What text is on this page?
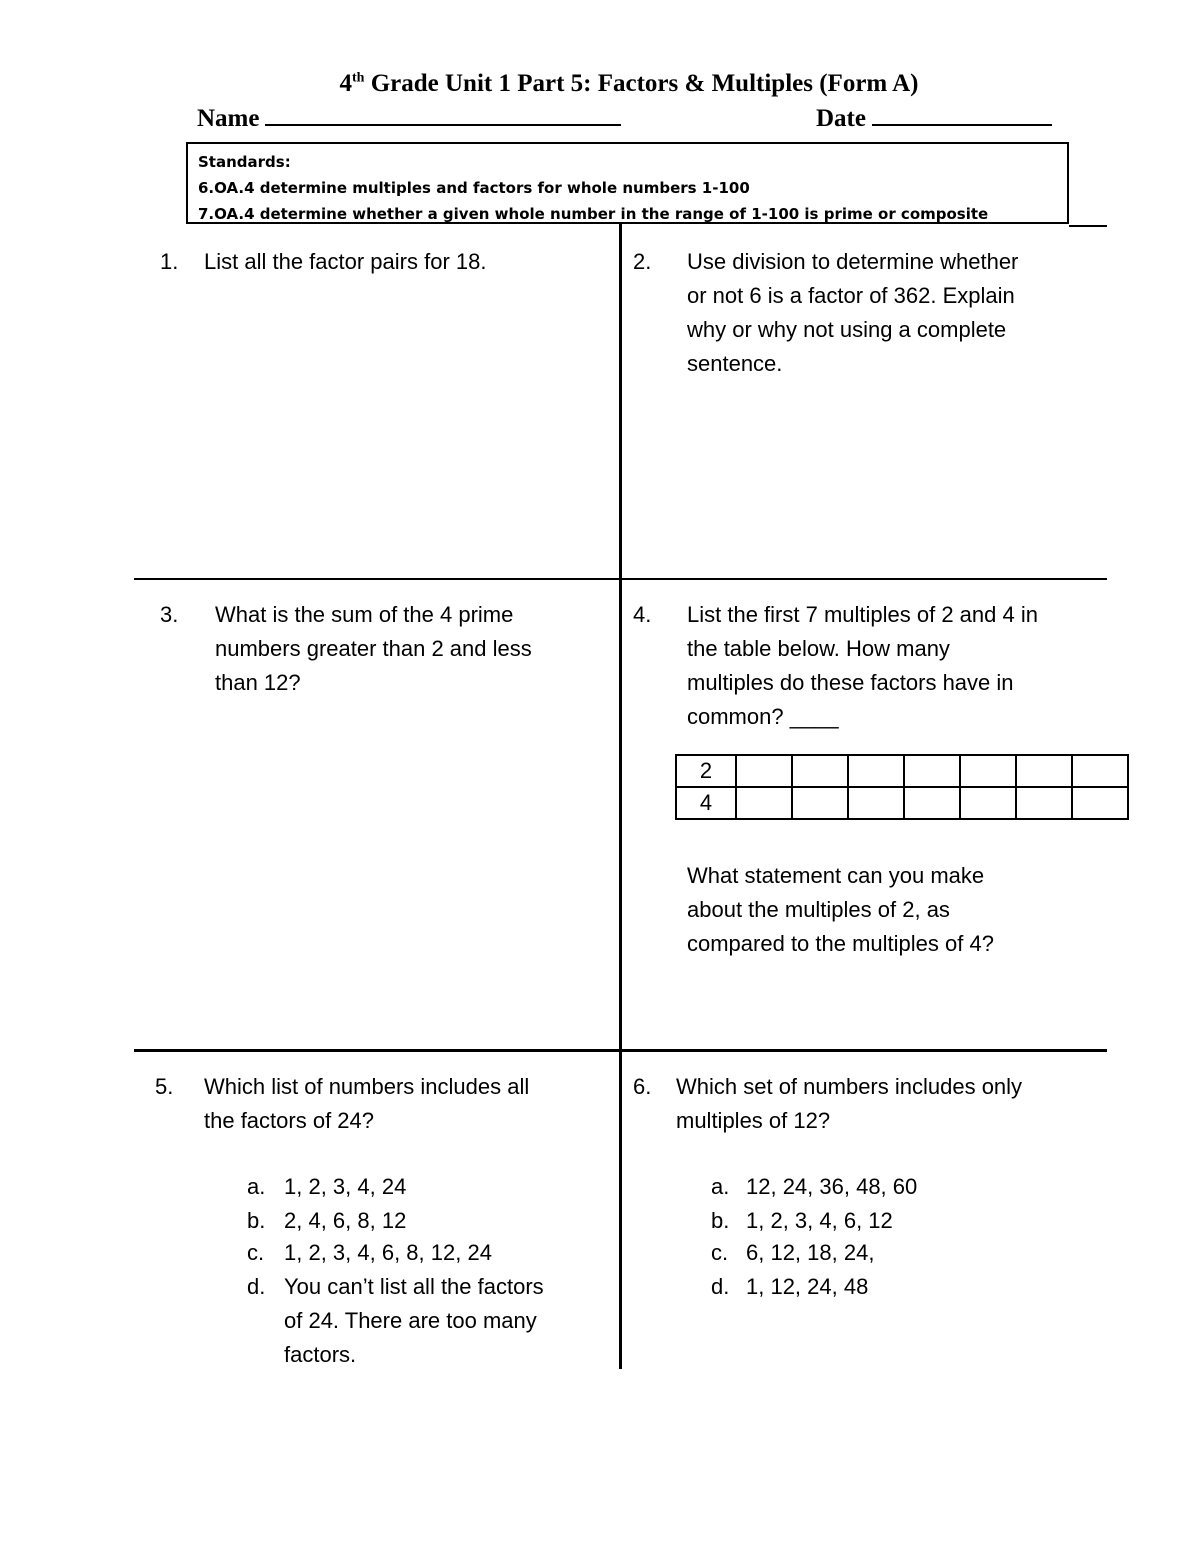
4th Grade Unit 1 Part 5: Factors & Multiples (Form A)
Name	Date
Standards:
6.OA.4 determine multiples and factors for whole numbers 1-100
7.OA.4 determine whether a given whole number in the range of 1-100 is prime or composite
1. List all the factor pairs for 18.	2. Use division to determine whether
or not 6 is a factor of 362. Explain
why or why not using a complete
sentence.
3. What is the sum of the 4 prime
numbers greater than 2 and less
than 12?
4. List the first 7 multiples of 2 and 4 in
the table below. How many
multiples do these factors have in
common? ____
2							
4							
What statement can you make
about the multiples of 2, as
compared to the multiples of 4?
5. Which list of numbers includes all
the factors of 24?
a. 1, 2, 3, 4, 24
b. 2, 4, 6, 8, 12
c. 1, 2, 3, 4, 6, 8, 12, 24
d. You can’t list all the factors
of 24. There are too many
factors.
6. Which set of numbers includes only
multiples of 12?
a. 12, 24, 36, 48, 60
b. 1, 2, 3, 4, 6, 12
c. 6, 12, 18, 24,
d. 1, 12, 24, 48
